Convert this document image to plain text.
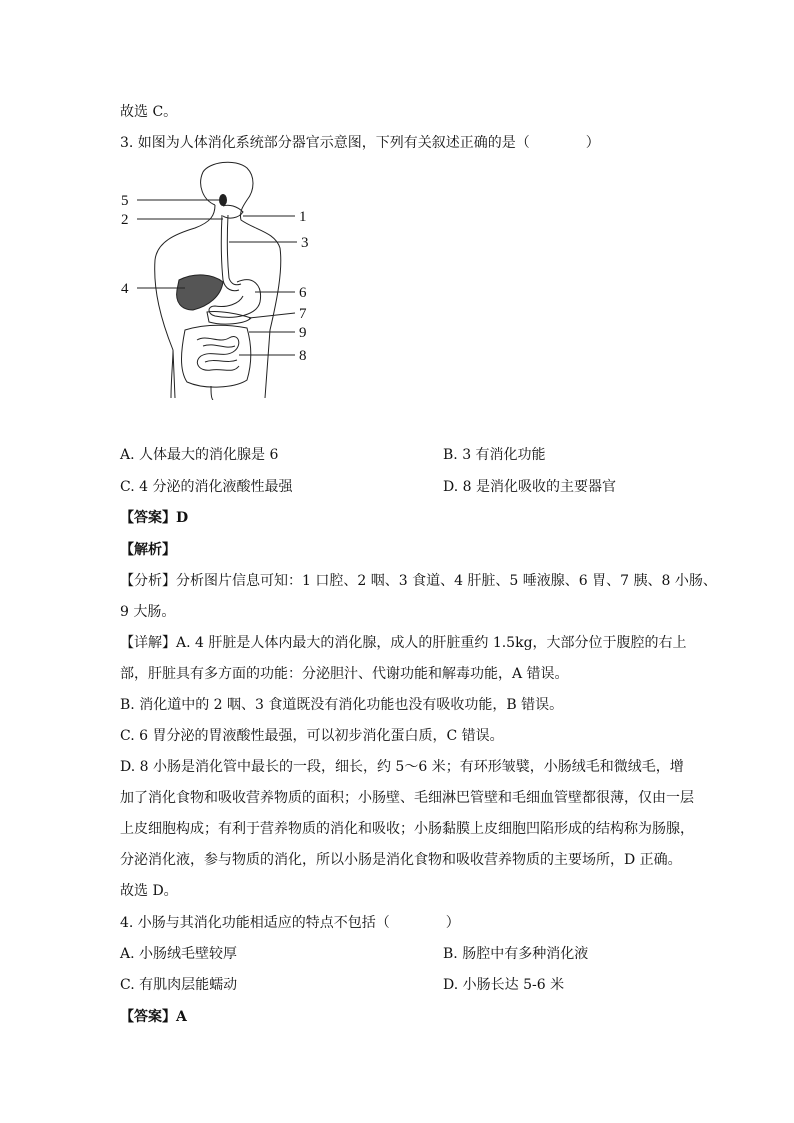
故选 C。
3. 如图为人体消化系统部分器官示意图，下列有关叙述正确的是（　　　　）
5
2	1
3
4	6
7
9
8
A. 人体最大的消化腺是 6	B. 3 有消化功能
C. 4 分泌的消化液酸性最强	D. 8 是消化吸收的主要器官
【答案】D
【解析】
【分析】分析图片信息可知：1 口腔、2 咽、3 食道、4 肝脏、5 唾液腺、6 胃、7 胰、8 小肠、
9 大肠。
【详解】A. 4 肝脏是人体内最大的消化腺，成人的肝脏重约 1.5kg，大部分位于腹腔的右上
部，肝脏具有多方面的功能：分泌胆汁、代谢功能和解毒功能，A 错误。
B. 消化道中的 2 咽、3 食道既没有消化功能也没有吸收功能，B 错误。
C. 6 胃分泌的胃液酸性最强，可以初步消化蛋白质，C 错误。
D. 8 小肠是消化管中最长的一段，细长，约 5～6 米；有环形皱襞，小肠绒毛和微绒毛，增
加了消化食物和吸收营养物质的面积；小肠壁、毛细淋巴管壁和毛细血管壁都很薄，仅由一层
上皮细胞构成；有利于营养物质的消化和吸收；小肠黏膜上皮细胞凹陷形成的结构称为肠腺，
分泌消化液，参与物质的消化，所以小肠是消化食物和吸收营养物质的主要场所，D 正确。
故选 D。
4. 小肠与其消化功能相适应的特点不包括（　　　　）
A. 小肠绒毛壁较厚	B. 肠腔中有多种消化液
C. 有肌肉层能蠕动	D. 小肠长达 5-6 米
【答案】A
